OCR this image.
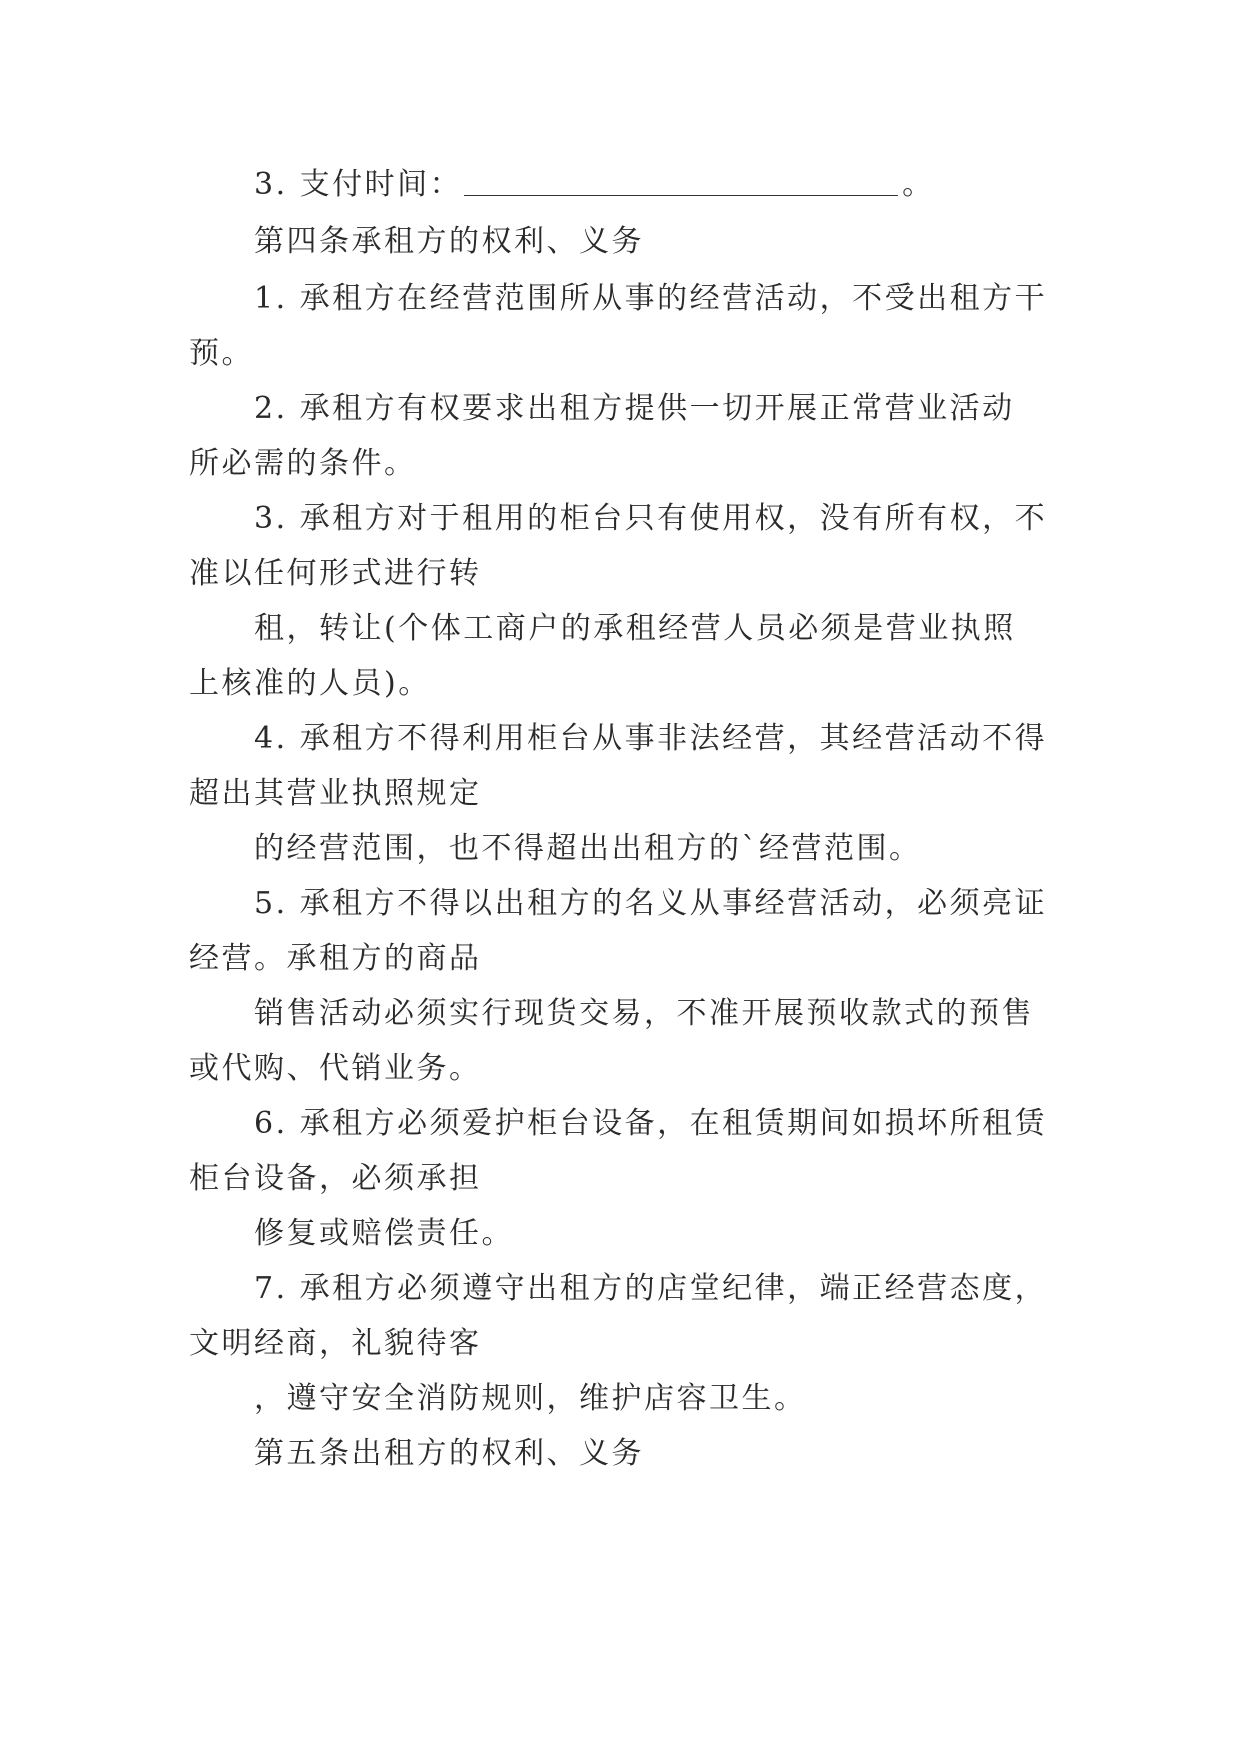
3. 支付时间：	。

第四条承租方的权利、义务

1. 承租方在经营范围所从事的经营活动，不受出租方干

预。

2. 承租方有权要求出租方提供一切开展正常营业活动

所必需的条件。

3. 承租方对于租用的柜台只有使用权，没有所有权，不

准以任何形式进行转

租，转让(个体工商户的承租经营人员必须是营业执照

上核准的人员)。

4. 承租方不得利用柜台从事非法经营，其经营活动不得

超出其营业执照规定

的经营范围，也不得超出出租方的`经营范围。

5. 承租方不得以出租方的名义从事经营活动，必须亮证

经营。承租方的商品

销售活动必须实行现货交易，不准开展预收款式的预售

或代购、代销业务。

6. 承租方必须爱护柜台设备，在租赁期间如损坏所租赁

柜台设备，必须承担

修复或赔偿责任。

7. 承租方必须遵守出租方的店堂纪律，端正经营态度，

文明经商，礼貌待客

，遵守安全消防规则，维护店容卫生。

第五条出租方的权利、义务
